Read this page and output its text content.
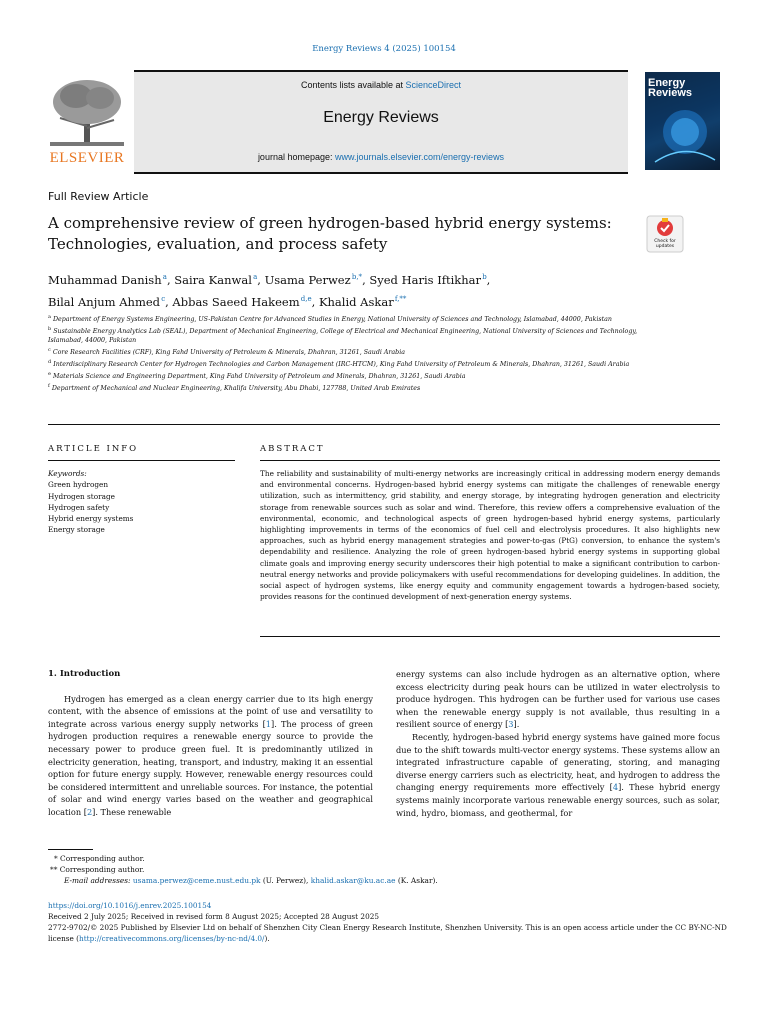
Energy Reviews 4 (2025) 100154
ELSEVIER
Contents lists available at ScienceDirect
Energy Reviews
journal homepage: www.journals.elsevier.com/energy-reviews
Energy Reviews
Full Review Article
A comprehensive review of green hydrogen-based hybrid energy systems: Technologies, evaluation, and process safety	Check for updates
Muhammad Danish $^a$, Saira Kanwal $^a$, Usama Perwez $^{b,*}$, Syed Haris Iftikhar $^b$,
Bilal Anjum Ahmed $^c$, Abbas Saeed Hakeem $^{d,e}$, Khalid Askar $^{f,**}$
$^a$ Department of Energy Systems Engineering, US-Pakistan Centre for Advanced Studies in Energy, National University of Sciences and Technology, Islamabad, 44000, Pakistan
$^b$ Sustainable Energy Analytics Lab (SEAL), Department of Mechanical Engineering, College of Electrical and Mechanical Engineering, National University of Sciences and Technology, Islamabad, 44000, Pakistan
$^c$ Core Research Facilities (CRF), King Fahd University of Petroleum & Minerals, Dhahran, 31261, Saudi Arabia
$^d$ Interdisciplinary Research Center for Hydrogen Technologies and Carbon Management (IRC-HTCM), King Fahd University of Petroleum & Minerals, Dhahran, 31261, Saudi Arabia
$^e$ Materials Science and Engineering Department, King Fahd University of Petroleum and Minerals, Dhahran, 31261, Saudi Arabia
$^f$ Department of Mechanical and Nuclear Engineering, Khalifa University, Abu Dhabi, 127788, United Arab Emirates
ARTICLE INFO	ABSTRACT
Keywords:
Green hydrogen
Hydrogen storage
Hydrogen safety
Hybrid energy systems
Energy storage
The reliability and sustainability of multi-energy networks are increasingly critical in addressing modern energy demands and environmental concerns. Hydrogen-based hybrid energy systems can mitigate the challenges of renewable energy utilization, such as intermittency, grid stability, and energy storage, by integrating hydrogen generation and electricity storage from renewable sources such as solar and wind. Therefore, this review offers a comprehensive evaluation of the environmental, economic, and technological aspects of green hydrogen-based hybrid energy systems, particularly highlighting improvements in terms of the economics of fuel cell and electrolysis procedures. It also highlights new approaches, such as hybrid energy management strategies and power-to-gas (PtG) conversion, to enhance the system's dependability and resilience. Analyzing the role of green hydrogen-based hybrid energy systems in supporting global climate goals and improving energy security underscores their high potential to make a significant contribution to carbon-neutral energy networks and provide policymakers with useful recommendations for developing guidelines. In addition, the social aspect of hydrogen systems, like energy equity and community engagement towards a hydrogen-based society, provides reasons for the continued development of next-generation energy systems.

1. Introduction

Hydrogen has emerged as a clean energy carrier due to its high energy content, with the absence of emissions at the point of use and versatility to integrate across various energy supply networks [1]. The process of green hydrogen production requires a renewable energy source to provide the necessary power to produce green fuel. It is predominantly utilized in electricity generation, heating, transport, and industry, making it an essential option for future energy supply. However, renewable energy resources could be considered intermittent and unreliable sources. For instance, the potential of solar and wind energy varies based on the weather and geographical location [2]. These renewable

energy systems can also include hydrogen as an alternative option, where excess electricity during peak hours can be utilized in water electrolysis to produce hydrogen. This hydrogen can be further used for various use cases when the renewable energy supply is not available, thus resulting in a resilient source of energy [3].

Recently, hydrogen-based hybrid energy systems have gained more focus due to the shift towards multi-vector energy systems. These systems allow an integrated infrastructure capable of generating, storing, and managing diverse energy carriers such as electricity, heat, and hydrogen to address the changing energy requirements more effectively [4]. These hybrid energy systems mainly incorporate various renewable energy sources, such as solar, wind, hydro, biomass, and geothermal, for

* Corresponding author.
** Corresponding author.
E-mail addresses: usama.perwez@ceme.nust.edu.pk (U. Perwez), khalid.askar@ku.ac.ae (K. Askar).
https://doi.org/10.1016/j.enrev.2025.100154
Received 2 July 2025; Received in revised form 8 August 2025; Accepted 28 August 2025
2772-9702/© 2025 Published by Elsevier Ltd on behalf of Shenzhen City Clean Energy Research Institute, Shenzhen University. This is an open access article under the CC BY-NC-ND license (http://creativecommons.org/licenses/by-nc-nd/4.0/).
